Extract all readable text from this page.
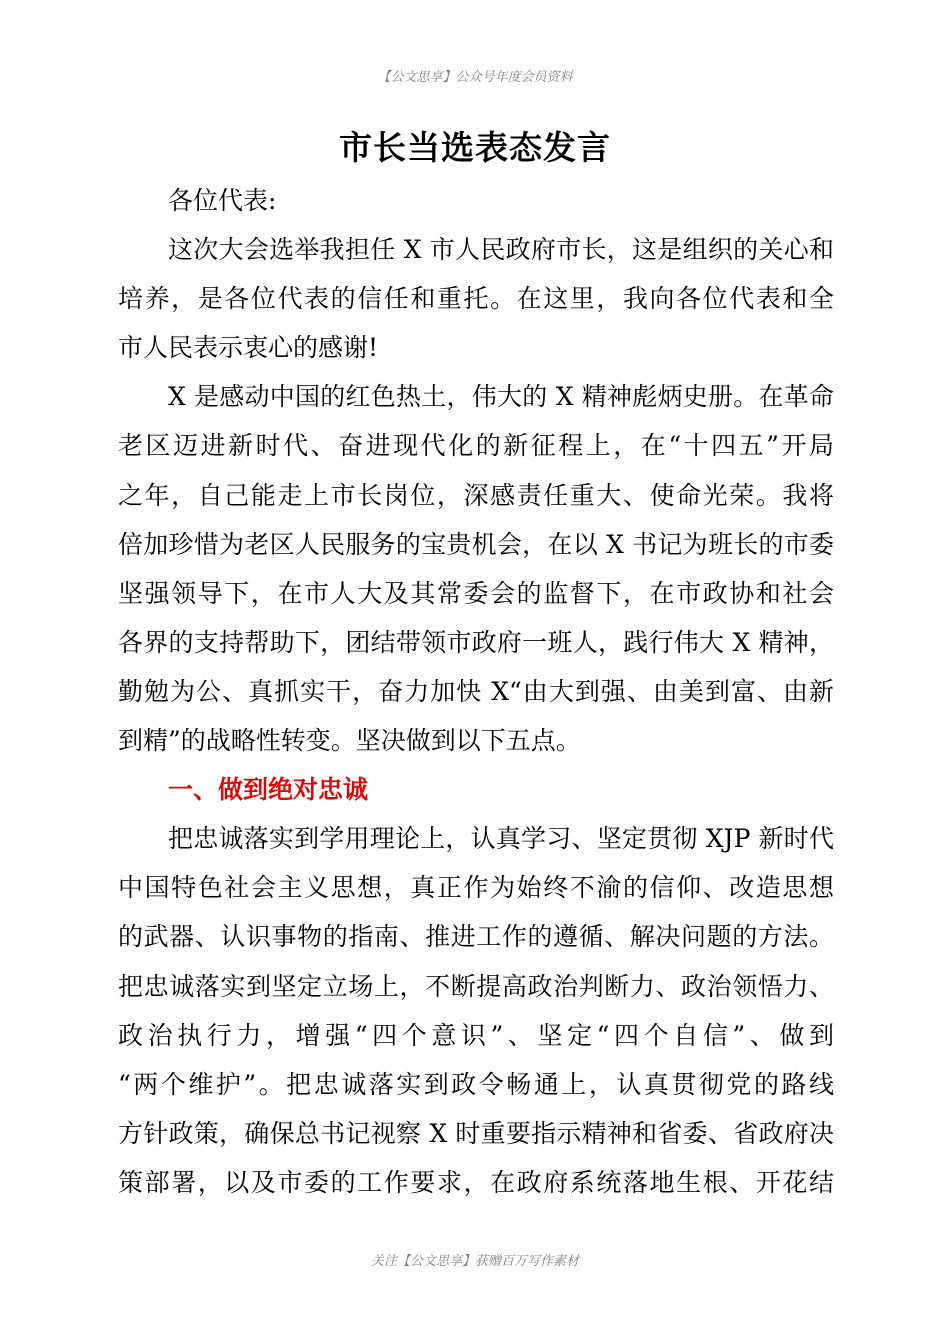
【公文思享】公众号年度会员资料
市长当选表态发言
各位代表:
这次大会选举我担任 X 市人民政府市长，这是组织的关心和
培养，是各位代表的信任和重托。在这里，我向各位代表和全
市人民表示衷心的感谢!
X 是感动中国的红色热土，伟大的 X 精神彪炳史册。在革命
老区迈进新时代、奋进现代化的新征程上，在“十四五”开局
之年，自己能走上市长岗位，深感责任重大、使命光荣。我将
倍加珍惜为老区人民服务的宝贵机会，在以 X 书记为班长的市委
坚强领导下，在市人大及其常委会的监督下，在市政协和社会
各界的支持帮助下，团结带领市政府一班人，践行伟大 X 精神，
勤勉为公、真抓实干，奋力加快 X“由大到强、由美到富、由新
到精”的战略性转变。坚决做到以下五点。
一、做到绝对忠诚
把忠诚落实到学用理论上，认真学习、坚定贯彻 XJP 新时代
中国特色社会主义思想，真正作为始终不渝的信仰、改造思想
的武器、认识事物的指南、推进工作的遵循、解决问题的方法。
把忠诚落实到坚定立场上，不断提高政治判断力、政治领悟力、
政治执行力，增强“四个意识”、坚定“四个自信”、做到
“两个维护”。把忠诚落实到政令畅通上，认真贯彻党的路线
方针政策，确保总书记视察 X 时重要指示精神和省委、省政府决
策部署，以及市委的工作要求，在政府系统落地生根、开花结
关注【公文思享】获赠百万写作素材
